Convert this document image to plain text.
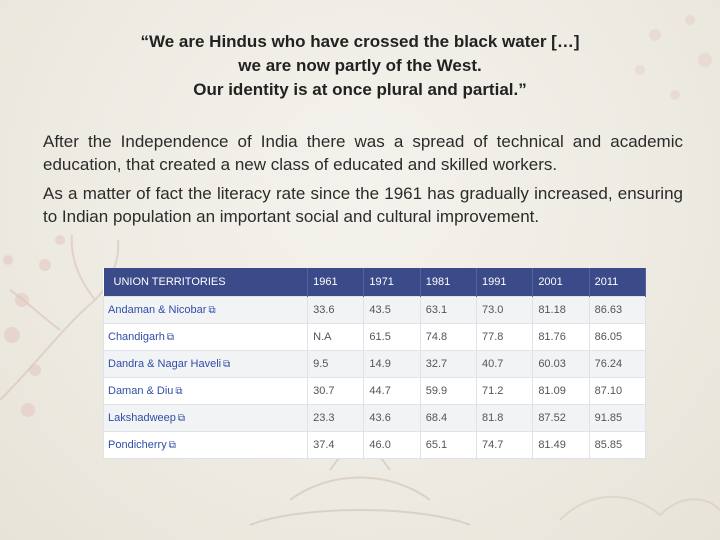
“We are Hindus who have crossed the black water […]
we are now partly of the West.
Our identity is at once plural and partial.”

After the Independence of India there was a spread of technical and academic education, that created a new class of educated and skilled workers.

As a matter of fact the literacy rate since the 1961 has gradually increased, ensuring to Indian population an important social and cultural improvement.

UNION TERRITORIES	1961	1971	1981	1991	2001	2011
Andaman & Nicobar ⧉	33.6	43.5	63.1	73.0	81.18	86.63
Chandigarh ⧉	N.A	61.5	74.8	77.8	81.76	86.05
Dandra & Nagar Haveli ⧉	9.5	14.9	32.7	40.7	60.03	76.24
Daman & Diu ⧉	30.7	44.7	59.9	71.2	81.09	87.10
Lakshadweep ⧉	23.3	43.6	68.4	81.8	87.52	91.85
Pondicherry ⧉	37.4	46.0	65.1	74.7	81.49	85.85
